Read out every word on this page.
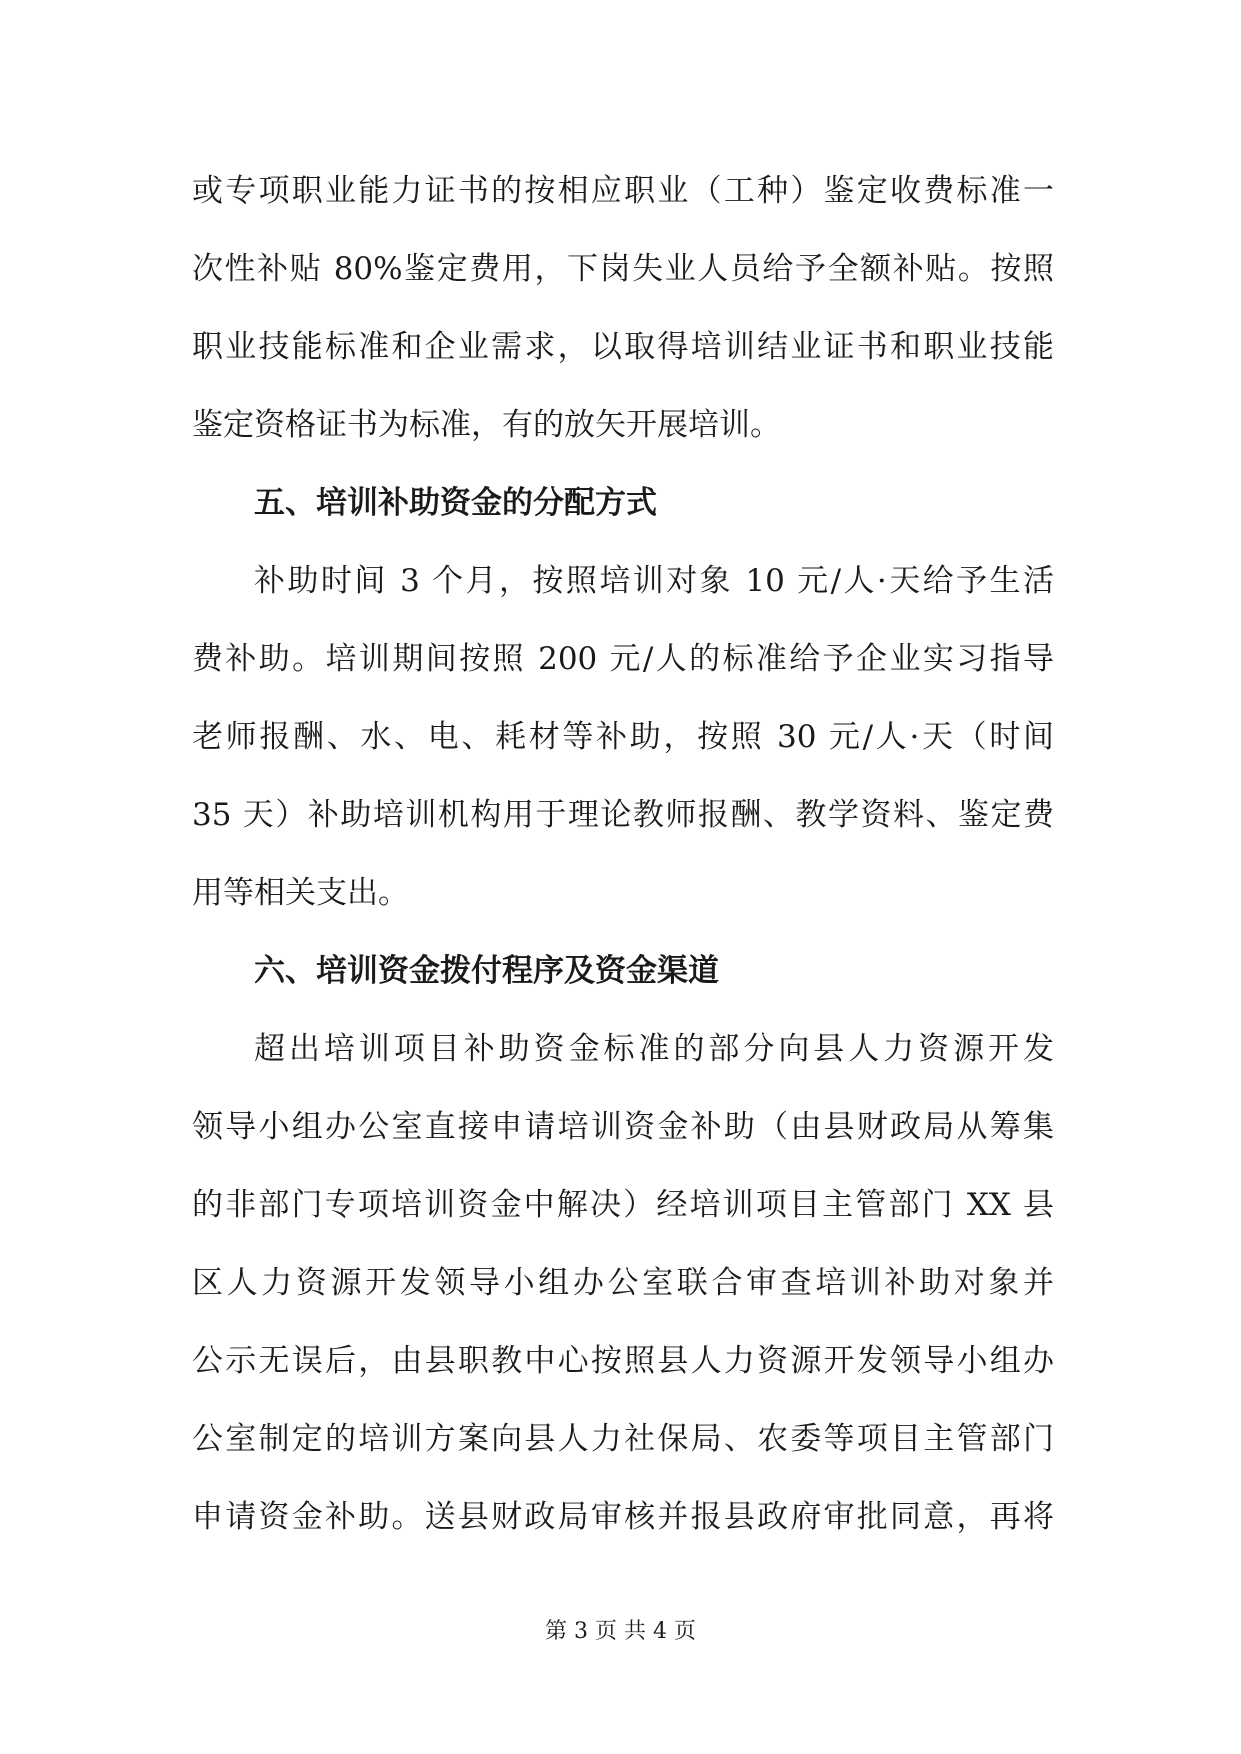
或专项职业能力证书的按相应职业（工种）鉴定收费标准一
次性补贴 80%鉴定费用，下岗失业人员给予全额补贴。按照
职业技能标准和企业需求，以取得培训结业证书和职业技能
鉴定资格证书为标准，有的放矢开展培训。
五、培训补助资金的分配方式
补助时间 3 个月，按照培训对象 10 元/人·天给予生活
费补助。培训期间按照 200 元/人的标准给予企业实习指导
老师报酬、水、电、耗材等补助，按照 30 元/人·天（时间
35 天）补助培训机构用于理论教师报酬、教学资料、鉴定费
用等相关支出。
六、培训资金拨付程序及资金渠道
超出培训项目补助资金标准的部分向县人力资源开发
领导小组办公室直接申请培训资金补助（由县财政局从筹集
的非部门专项培训资金中解决）经培训项目主管部门 XX 县
区人力资源开发领导小组办公室联合审查培训补助对象并
公示无误后，由县职教中心按照县人力资源开发领导小组办
公室制定的培训方案向县人力社保局、农委等项目主管部门
申请资金补助。送县财政局审核并报县政府审批同意，再将
第 3 页 共 4 页
